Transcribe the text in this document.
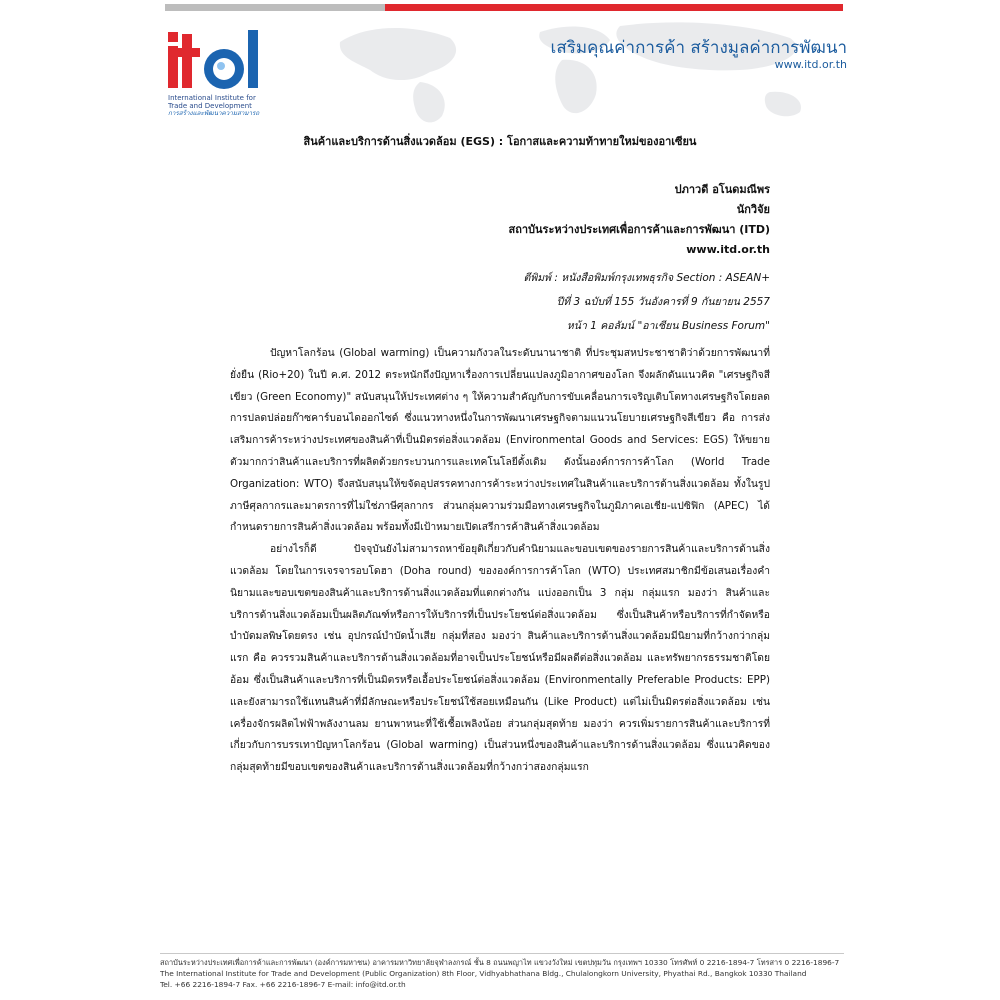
itd
International Institute for
Trade and Development
การสร้างและพัฒนาความสามารถ
เสริมคุณค่าการค้า สร้างมูลค่าการพัฒนา
www.itd.or.th
สินค้าและบริการด้านสิ่งแวดล้อม (EGS) : โอกาสและความท้าทายใหม่ของอาเซียน
ปภาวดี อโนดมณีพร
นักวิจัย
สถาบันระหว่างประเทศเพื่อการค้าและการพัฒนา (ITD)
www.itd.or.th
ตีพิมพ์ : หนังสือพิมพ์กรุงเทพธุรกิจ Section : ASEAN+
ปีที่ 3 ฉบับที่ 155 วันอังคารที่ 9 กันยายน 2557
หน้า 1 คอลัมน์ "อาเซียน Business Forum"

ปัญหาโลกร้อน (Global warming) เป็นความกังวลในระดับนานาชาติ ที่ประชุมสหประชาชาติว่าด้วยการพัฒนาที่ยั่งยืน (Rio+20) ในปี ค.ศ. 2012 ตระหนักถึงปัญหาเรื่องการเปลี่ยนแปลงภูมิอากาศของโลก จึงผลักดันแนวคิด "เศรษฐกิจสีเขียว (Green Economy)" สนับสนุนให้ประเทศต่าง ๆ ให้ความสำคัญกับการขับเคลื่อนการเจริญเติบโตทางเศรษฐกิจโดยลดการปลดปล่อยก๊าซคาร์บอนไดออกไซด์ ซึ่งแนวทางหนึ่งในการพัฒนาเศรษฐกิจตามแนวนโยบายเศรษฐกิจสีเขียว คือ การส่งเสริมการค้าระหว่างประเทศของสินค้าที่เป็นมิตรต่อสิ่งแวดล้อม (Environmental Goods and Services: EGS) ให้ขยายตัวมากกว่าสินค้าและบริการที่ผลิตด้วยกระบวนการและเทคโนโลยีดั้งเดิม ดังนั้นองค์การการค้าโลก (World Trade Organization: WTO) จึงสนับสนุนให้ขจัดอุปสรรคทางการค้าระหว่างประเทศในสินค้าและบริการด้านสิ่งแวดล้อม ทั้งในรูปภาษีศุลกากรและมาตรการที่ไม่ใช่ภาษีศุลกากร ส่วนกลุ่มความร่วมมือทางเศรษฐกิจในภูมิภาคเอเชีย-แปซิฟิก (APEC) ได้กำหนดรายการสินค้าสิ่งแวดล้อม พร้อมทั้งมีเป้าหมายเปิดเสรีการค้าสินค้าสิ่งแวดล้อม

อย่างไรก็ดี ปัจจุบันยังไม่สามารถหาข้อยุติเกี่ยวกับคำนิยามและขอบเขตของรายการสินค้าและบริการด้านสิ่งแวดล้อม โดยในการเจรจารอบโดฮา (Doha round) ขององค์การการค้าโลก (WTO) ประเทศสมาชิกมีข้อเสนอเรื่องคำนิยามและขอบเขตของสินค้าและบริการด้านสิ่งแวดล้อมที่แตกต่างกัน แบ่งออกเป็น 3 กลุ่ม กลุ่มแรก มองว่า สินค้าและบริการด้านสิ่งแวดล้อมเป็นผลิตภัณฑ์หรือการให้บริการที่เป็นประโยชน์ต่อสิ่งแวดล้อม ซึ่งเป็นสินค้าหรือบริการที่กำจัดหรือบำบัดมลพิษโดยตรง เช่น อุปกรณ์บำบัดน้ำเสีย กลุ่มที่สอง มองว่า สินค้าและบริการด้านสิ่งแวดล้อมมีนิยามที่กว้างกว่ากลุ่มแรก คือ ควรรวมสินค้าและบริการด้านสิ่งแวดล้อมที่อาจเป็นประโยชน์หรือมีผลดีต่อสิ่งแวดล้อม และทรัพยากรธรรมชาติโดยอ้อม ซึ่งเป็นสินค้าและบริการที่เป็นมิตรหรือเอื้อประโยชน์ต่อสิ่งแวดล้อม (Environmentally Preferable Products: EPP) และยังสามารถใช้แทนสินค้าที่มีลักษณะหรือประโยชน์ใช้สอยเหมือนกัน (Like Product) แต่ไม่เป็นมิตรต่อสิ่งแวดล้อม เช่น เครื่องจักรผลิตไฟฟ้าพลังงานลม ยานพาหนะที่ใช้เชื้อเพลิงน้อย ส่วนกลุ่มสุดท้าย มองว่า ควรเพิ่มรายการสินค้าและบริการที่เกี่ยวกับการบรรเทาปัญหาโลกร้อน (Global warming) เป็นส่วนหนึ่งของสินค้าและบริการด้านสิ่งแวดล้อม ซึ่งแนวคิดของกลุ่มสุดท้ายมีขอบเขตของสินค้าและบริการด้านสิ่งแวดล้อมที่กว้างกว่าสองกลุ่มแรก

สถาบันระหว่างประเทศเพื่อการค้าและการพัฒนา (องค์การมหาชน) อาคารมหาวิทยาลัยจุฬาลงกรณ์ ชั้น 8 ถนนพญาไท แขวงวังใหม่ เขตปทุมวัน กรุงเทพฯ 10330 โทรศัพท์ 0 2216-1894-7 โทรสาร 0 2216-1896-7
The International Institute for Trade and Development (Public Organization) 8th Floor, Vidhyabhathana Bldg., Chulalongkorn University, Phyathai Rd., Bangkok 10330 Thailand
Tel. +66 2216-1894-7 Fax. +66 2216-1896-7 E-mail: info@itd.or.th
